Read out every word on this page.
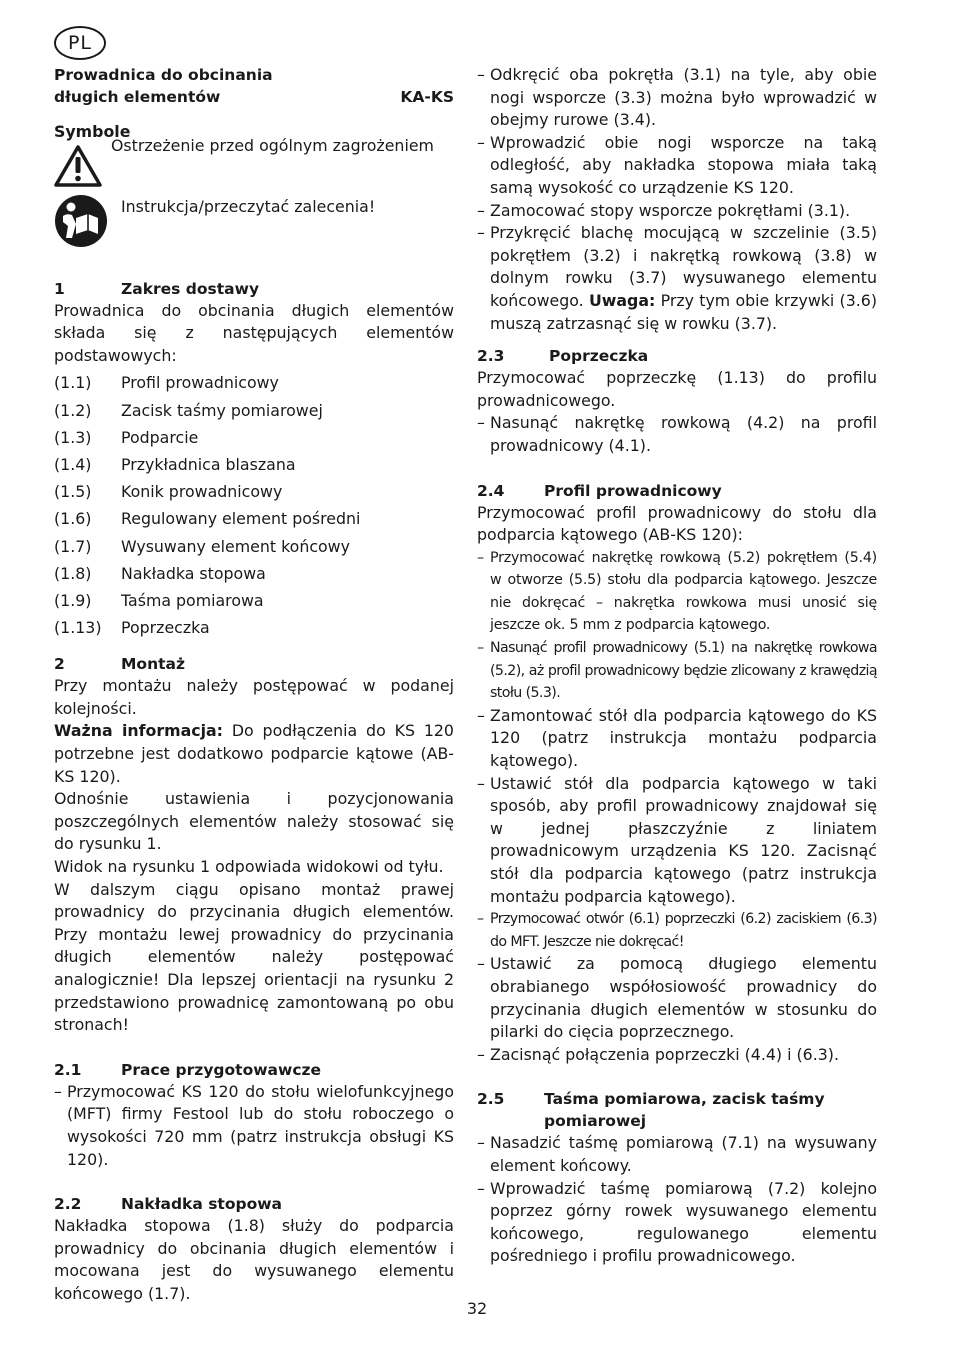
PL
Prowadnica do obcinania
długich elementów	KA-KS
Symbole
Ostrzeżenie przed ogólnym zagrożeniem
Instrukcja/przeczytać zalecenia!
1	Zakres dostawy
Prowadnica do obcinania długich elementów składa się z następujących elementów podstawowych:
(1.1)	Profil prowadnicowy
(1.2)	Zacisk taśmy pomiarowej
(1.3)	Podparcie
(1.4)	Przykładnica blaszana
(1.5)	Konik prowadnicowy
(1.6)	Regulowany element pośredni
(1.7)	Wysuwany element końcowy
(1.8)	Nakładka stopowa
(1.9)	Taśma pomiarowa
(1.13)	Poprzeczka
2	Montaż
Przy montażu należy postępować w podanej kolejności.
Ważna informacja: Do podłączenia do KS 120 potrzebne jest dodatkowo podparcie kątowe (AB-KS 120).
Odnośnie ustawienia i pozycjonowania poszczególnych elementów należy stosować się do rysunku 1.
Widok na rysunku 1 odpowiada widokowi od tyłu.
W dalszym ciągu opisano montaż prawej prowadnicy do przycinania długich elementów. Przy montażu lewej prowadnicy do przycinania długich elementów należy postępować analogicznie! Dla lepszej orientacji na rysunku 2 przedstawiono prowadnicę zamontowaną po obu stronach!
2.1	Prace przygotowawcze
– Przymocować KS 120 do stołu wielofunkcyjnego (MFT) firmy Festool lub do stołu roboczego o wysokości 720 mm (patrz instrukcja obsługi KS 120).
2.2	Nakładka stopowa
Nakładka stopowa (1.8) służy do podparcia prowadnicy do obcinania długich elementów i mocowana jest do wysuwanego elementu końcowego (1.7).
– Odkręcić oba pokrętła (3.1) na tyle, aby obie nogi wsporcze (3.3) można było wprowadzić w obejmy rurowe (3.4).
– Wprowadzić obie nogi wsporcze na taką odległość, aby nakładka stopowa miała taką samą wysokość co urządzenie KS 120.
– Zamocować stopy wsporcze pokrętłami (3.1).
– Przykręcić blachę mocującą w szczelinie (3.5) pokrętłem (3.2) i nakrętką rowkową (3.8) w dolnym rowku (3.7) wysuwanego elementu końcowego. Uwaga: Przy tym obie krzywki (3.6) muszą zatrzasnąć się w rowku (3.7).
2.3	Poprzeczka
Przymocować poprzeczkę (1.13) do profilu prowadnicowego.
– Nasunąć nakrętkę rowkową (4.2) na profil prowadnicowy (4.1).
2.4	Profil prowadnicowy
Przymocować profil prowadnicowy do stołu dla podparcia kątowego (AB-KS 120):
– Przymocować nakrętkę rowkową (5.2) pokrętłem (5.4) w otworze (5.5) stołu dla podparcia kątowego. Jeszcze nie dokręcać – nakrętka rowkowa musi unosić się jeszcze ok. 5 mm z podparcia kątowego.
– Nasunąć profil prowadnicowy (5.1) na nakrętkę rowkowa (5.2), aż profil prowadnicowy będzie zlicowany z krawędzią stołu (5.3).
– Zamontować stół dla podparcia kątowego do KS 120 (patrz instrukcja montażu podparcia kątowego).
– Ustawić stół dla podparcia kątowego w taki sposób, aby profil prowadnicowy znajdował się w jednej płaszczyźnie z liniatem prowadnicowym urządzenia KS 120. Zacisnąć stół dla podparcia kątowego (patrz instrukcja montażu podparcia kątowego).
– Przymocować otwór (6.1) poprzeczki (6.2) zaciskiem (6.3) do MFT. Jeszcze nie dokręcać!
– Ustawić za pomocą długiego elementu obrabianego współosiowość prowadnicy do przycinania długich elementów w stosunku do pilarki do cięcia poprzecznego.
– Zacisnąć połączenia poprzeczki (4.4) i (6.3).
2.5	Taśma pomiarowa, zacisk taśmy pomiarowej
– Nasadzić taśmę pomiarową (7.1) na wysuwany element końcowy.
– Wprowadzić taśmę pomiarową (7.2) kolejno poprzez górny rowek wysuwanego elementu końcowego, regulowanego elementu pośredniego i profilu prowadnicowego.
32
